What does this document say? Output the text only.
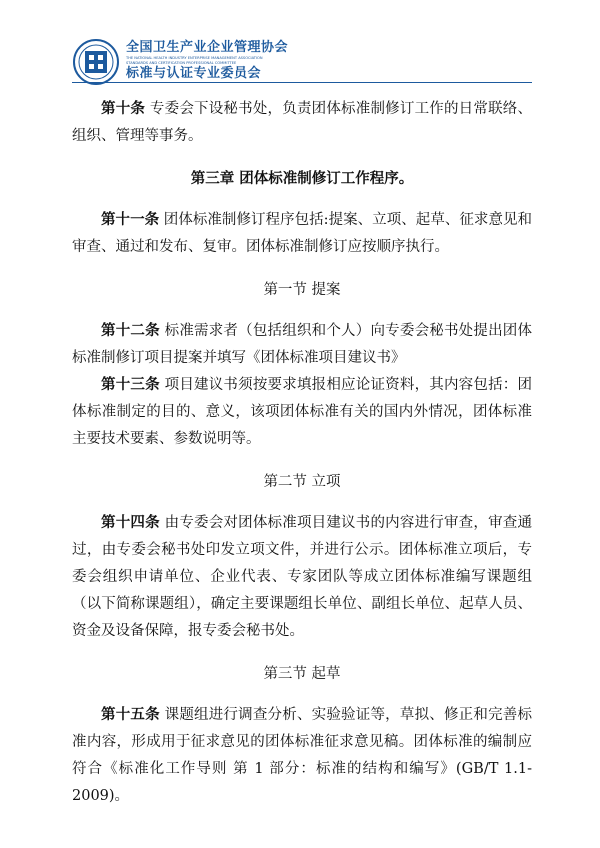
全国卫生产业企业管理协会
THE NATIONAL HEALTH INDUSTRY ENTERPRISE MANAGEMENT ASSOCIATION
STANDARDS AND CERTIFICATION PROFESSIONAL COMMITTEE
标准与认证专业委员会

第十条 专委会下设秘书处，负责团体标准制修订工作的日常联络、组织、管理等事务。

第三章 团体标准制修订工作程序。

第十一条 团体标准制修订程序包括:提案、立项、起草、征求意见和审查、通过和发布、复审。团体标准制修订应按顺序执行。

第一节 提案

第十二条 标准需求者（包括组织和个人）向专委会秘书处提出团体标准制修订项目提案并填写《团体标准项目建议书》

第十三条 项目建议书须按要求填报相应论证资料，其内容包括：团体标准制定的目的、意义，该项团体标准有关的国内外情况，团体标准主要技术要素、参数说明等。

第二节 立项

第十四条 由专委会对团体标准项目建议书的内容进行审查，审查通过，由专委会秘书处印发立项文件，并进行公示。团体标准立项后，专委会组织申请单位、企业代表、专家团队等成立团体标准编写课题组（以下简称课题组），确定主要课题组长单位、副组长单位、起草人员、资金及设备保障，报专委会秘书处。

第三节 起草

第十五条 课题组进行调查分析、实验验证等，草拟、修正和完善标准内容，形成用于征求意见的团体标准征求意见稿。团体标准的编制应符合《标准化工作导则 第 1 部分：标准的结构和编写》(GB/T 1.1-2009)。
